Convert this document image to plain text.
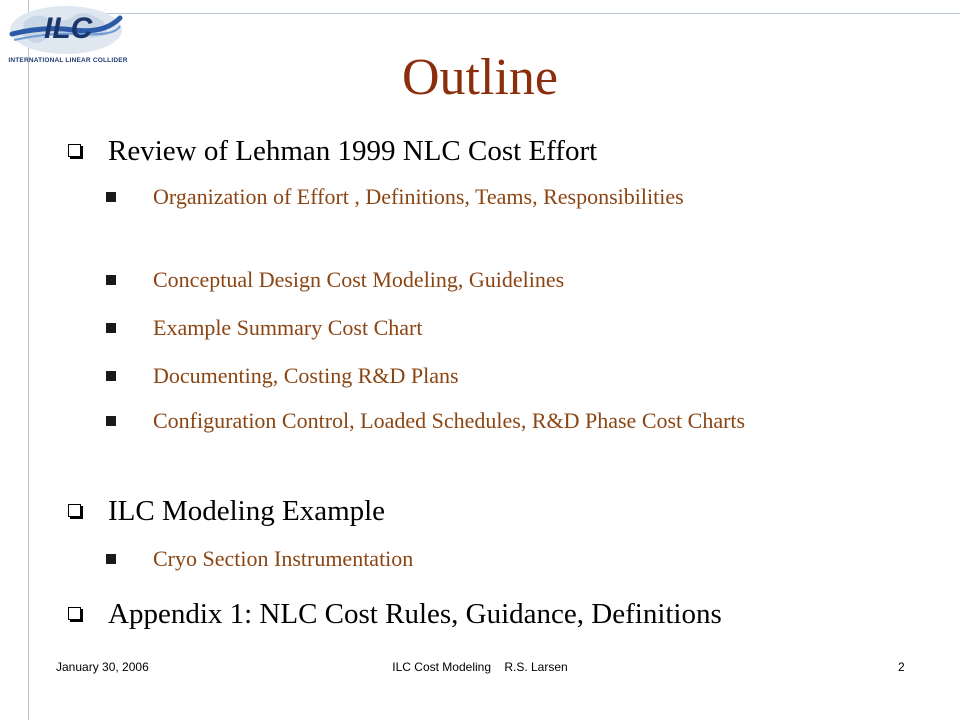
ILC
INTERNATIONAL LINEAR COLLIDER	Outline
Review of Lehman 1999 NLC Cost Effort
Organization of Effort , Definitions, Teams, Responsibilities
Conceptual Design Cost Modeling, Guidelines
Example Summary Cost Chart
Documenting, Costing R&D Plans
Configuration Control, Loaded Schedules, R&D Phase Cost Charts
ILC Modeling Example
Cryo Section Instrumentation
Appendix 1: NLC Cost Rules, Guidance, Definitions
January 30, 2006	ILC Cost Modeling    R.S. Larsen	2
